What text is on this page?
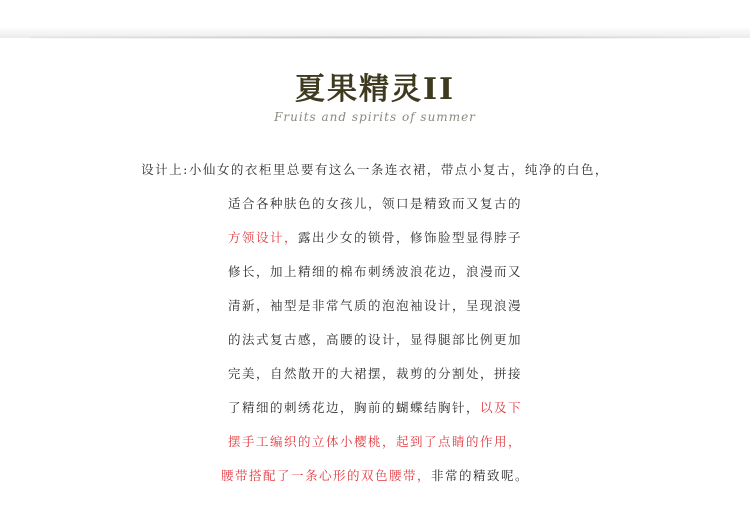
夏果精灵II
Fruits and spirits of summer
设计上:小仙女的衣柜里总要有这么一条连衣裙，带点小复古，纯净的白色，
适合各种肤色的女孩儿，领口是精致而又复古的
方领设计，露出少女的锁骨，修饰脸型显得脖子
修长，加上精细的棉布刺绣波浪花边，浪漫而又
清新，袖型是非常气质的泡泡袖设计，呈现浪漫
的法式复古感，高腰的设计，显得腿部比例更加
完美，自然散开的大裙摆，裁剪的分割处，拼接
了精细的刺绣花边，胸前的蝴蝶结胸针，以及下
摆手工编织的立体小樱桃，起到了点睛的作用，
腰带搭配了一条心形的双色腰带，非常的精致呢。
